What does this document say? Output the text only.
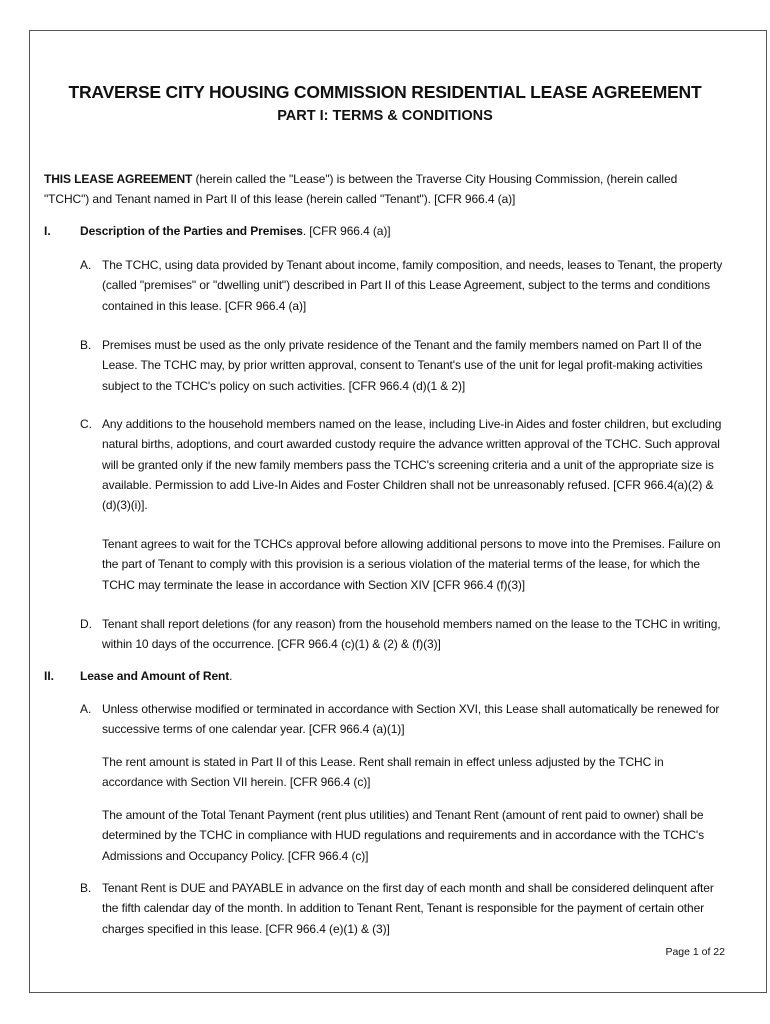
TRAVERSE CITY HOUSING COMMISSION RESIDENTIAL LEASE AGREEMENT
PART I: TERMS & CONDITIONS
THIS LEASE AGREEMENT (herein called the "Lease") is between the Traverse City Housing Commission, (herein called "TCHC") and Tenant named in Part II of this lease (herein called "Tenant"). [CFR 966.4 (a)]
I. Description of the Parties and Premises. [CFR 966.4 (a)]
A. The TCHC, using data provided by Tenant about income, family composition, and needs, leases to Tenant, the property (called "premises" or "dwelling unit") described in Part II of this Lease Agreement, subject to the terms and conditions contained in this lease. [CFR 966.4 (a)]
B. Premises must be used as the only private residence of the Tenant and the family members named on Part II of the Lease. The TCHC may, by prior written approval, consent to Tenant's use of the unit for legal profit-making activities subject to the TCHC's policy on such activities. [CFR 966.4 (d)(1 & 2)]
C. Any additions to the household members named on the lease, including Live-in Aides and foster children, but excluding natural births, adoptions, and court awarded custody require the advance written approval of the TCHC. Such approval will be granted only if the new family members pass the TCHC's screening criteria and a unit of the appropriate size is available. Permission to add Live-In Aides and Foster Children shall not be unreasonably refused. [CFR 966.4(a)(2) & (d)(3)(i)].
Tenant agrees to wait for the TCHCs approval before allowing additional persons to move into the Premises. Failure on the part of Tenant to comply with this provision is a serious violation of the material terms of the lease, for which the TCHC may terminate the lease in accordance with Section XIV [CFR 966.4 (f)(3)]
D. Tenant shall report deletions (for any reason) from the household members named on the lease to the TCHC in writing, within 10 days of the occurrence. [CFR 966.4 (c)(1) & (2) & (f)(3)]
II. Lease and Amount of Rent.
A. Unless otherwise modified or terminated in accordance with Section XVI, this Lease shall automatically be renewed for successive terms of one calendar year. [CFR 966.4 (a)(1)]
The rent amount is stated in Part II of this Lease. Rent shall remain in effect unless adjusted by the TCHC in accordance with Section VII herein. [CFR 966.4 (c)]
The amount of the Total Tenant Payment (rent plus utilities) and Tenant Rent (amount of rent paid to owner) shall be determined by the TCHC in compliance with HUD regulations and requirements and in accordance with the TCHC's Admissions and Occupancy Policy. [CFR 966.4 (c)]
B. Tenant Rent is DUE and PAYABLE in advance on the first day of each month and shall be considered delinquent after the fifth calendar day of the month. In addition to Tenant Rent, Tenant is responsible for the payment of certain other charges specified in this lease. [CFR 966.4 (e)(1) & (3)]
Page 1 of 22
